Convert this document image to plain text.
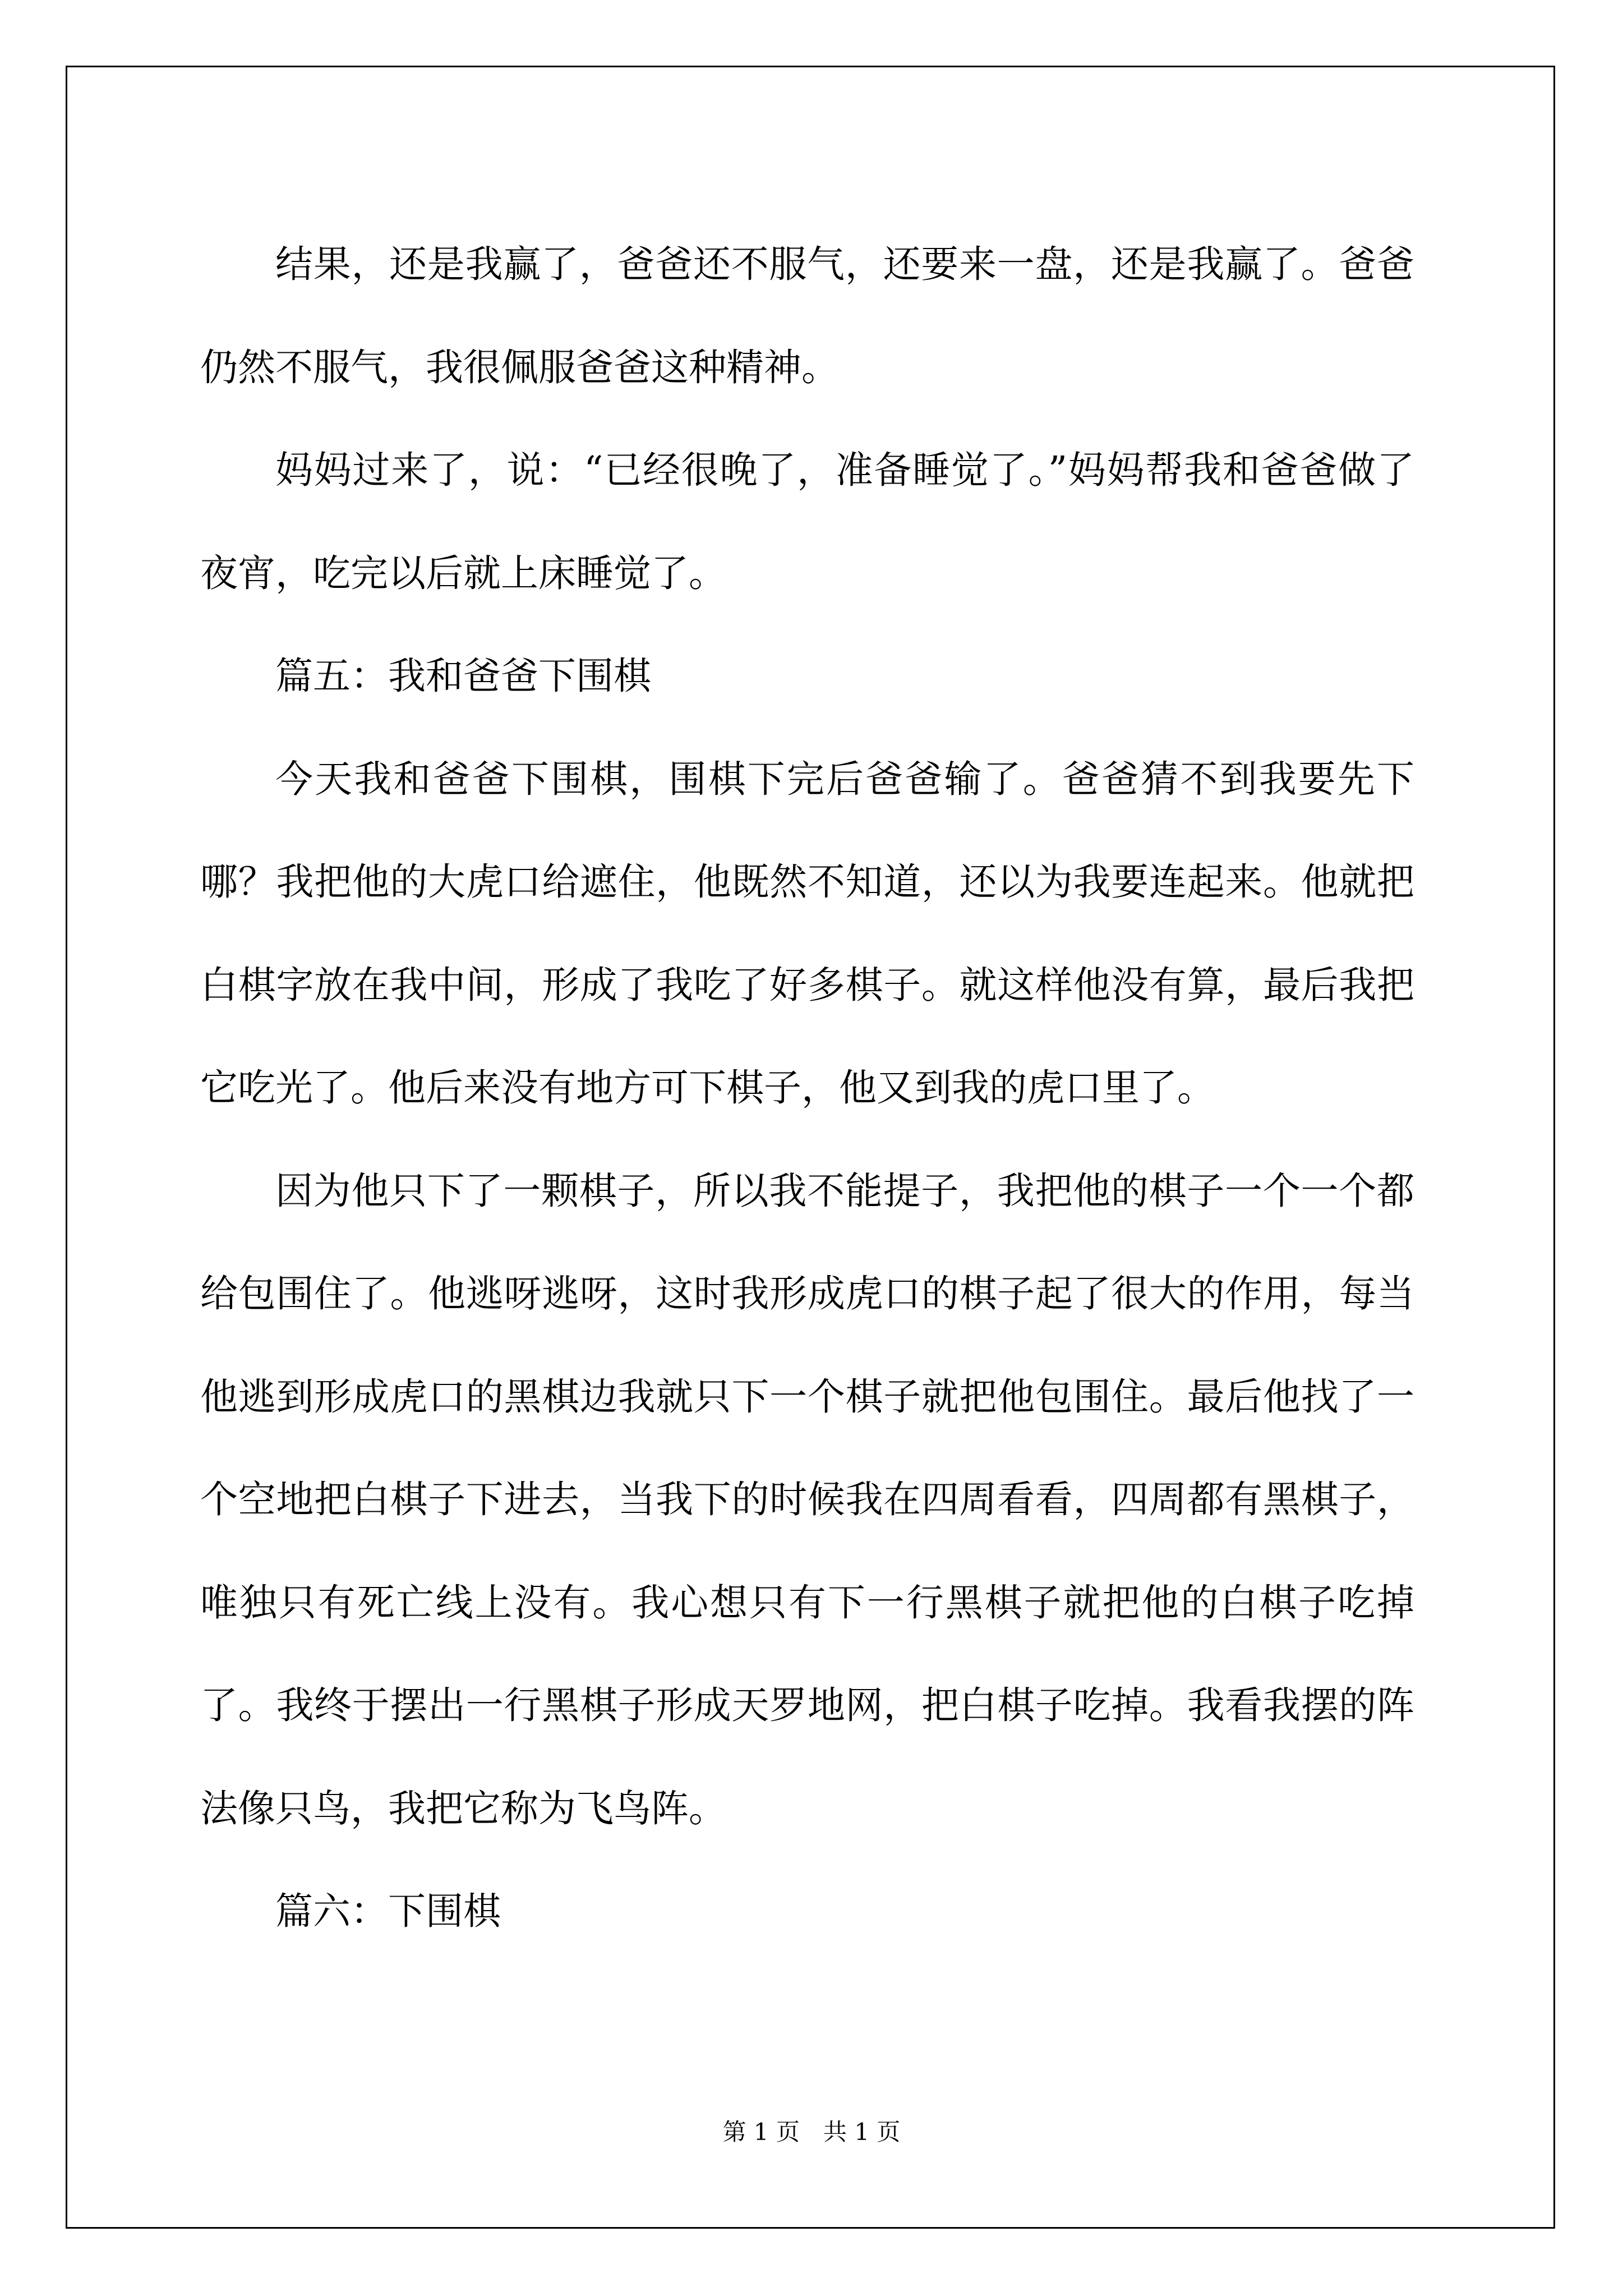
结果，还是我赢了，爸爸还不服气，还要来一盘，还是我赢了。爸爸仍然不服气，我很佩服爸爸这种精神。

妈妈过来了，说：“已经很晚了，准备睡觉了。”妈妈帮我和爸爸做了夜宵，吃完以后就上床睡觉了。

篇五：我和爸爸下围棋

今天我和爸爸下围棋，围棋下完后爸爸输了。爸爸猜不到我要先下哪？我把他的大虎口给遮住，他既然不知道，还以为我要连起来。他就把白棋字放在我中间，形成了我吃了好多棋子。就这样他没有算，最后我把它吃光了。他后来没有地方可下棋子，他又到我的虎口里了。

因为他只下了一颗棋子，所以我不能提子，我把他的棋子一个一个都给包围住了。他逃呀逃呀，这时我形成虎口的棋子起了很大的作用，每当他逃到形成虎口的黑棋边我就只下一个棋子就把他包围住。最后他找了一个空地把白棋子下进去，当我下的时候我在四周看看，四周都有黑棋子，唯独只有死亡线上没有。我心想只有下一行黑棋子就把他的白棋子吃掉了。我终于摆出一行黑棋子形成天罗地网，把白棋子吃掉。我看我摆的阵法像只鸟，我把它称为飞鸟阵。

篇六：下围棋

第 1 页　共 1 页
